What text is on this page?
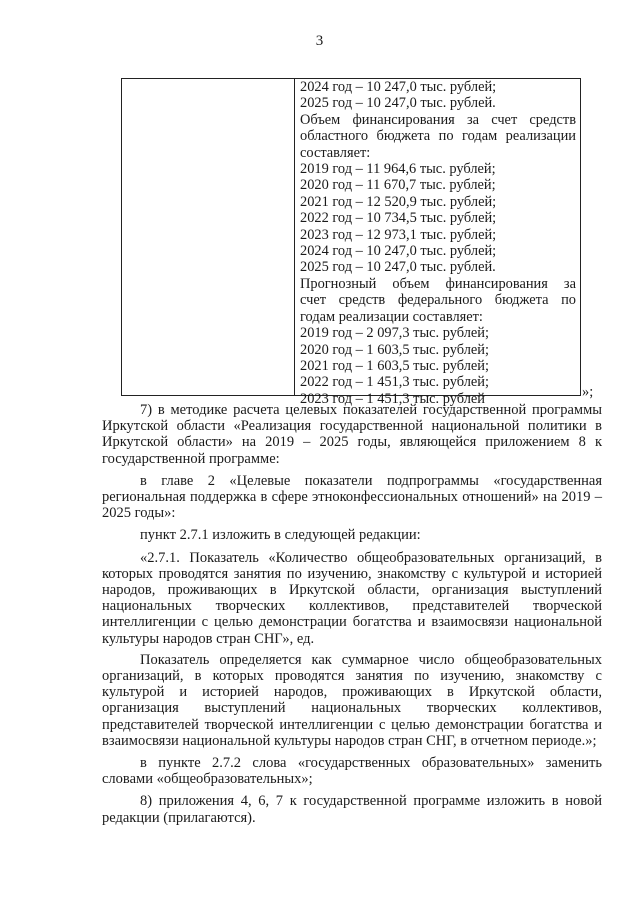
3
2024 год – 10 247,0 тыс. рублей;
2025 год – 10 247,0 тыс. рублей.
Объем финансирования за счет средств
областного бюджета по годам реализации
составляет:
2019 год – 11 964,6 тыс. рублей;
2020 год – 11 670,7 тыс. рублей;
2021 год – 12 520,9 тыс. рублей;
2022 год – 10 734,5 тыс. рублей;
2023 год – 12 973,1 тыс. рублей;
2024 год – 10 247,0 тыс. рублей;
2025 год – 10 247,0 тыс. рублей.
Прогнозный объем финансирования за
счет средств федерального бюджета по
годам реализации составляет:
2019 год – 2 097,3 тыс. рублей;
2020 год – 1 603,5 тыс. рублей;
2021 год – 1 603,5 тыс. рублей;
2022 год – 1 451,3 тыс. рублей;
2023 год – 1 451,3 тыс. рублей	»;

7) в методике расчета целевых показателей государственной программы Иркутской области «Реализация государственной национальной политики в Иркутской области» на 2019 – 2025 годы, являющейся приложением 8 к государственной программе:

в главе 2 «Целевые показатели подпрограммы «государственная региональная поддержка в сфере этноконфессиональных отношений» на 2019 – 2025 годы»:

пункт 2.7.1 изложить в следующей редакции:

«2.7.1. Показатель «Количество общеобразовательных организаций, в которых проводятся занятия по изучению, знакомству с культурой и историей народов, проживающих в Иркутской области, организация выступлений национальных творческих коллективов, представителей творческой интеллигенции с целью демонстрации богатства и взаимосвязи национальной культуры народов стран СНГ», ед.

Показатель определяется как суммарное число общеобразовательных организаций, в которых проводятся занятия по изучению, знакомству с культурой и историей народов, проживающих в Иркутской области, организация выступлений национальных творческих коллективов, представителей творческой интеллигенции с целью демонстрации богатства и взаимосвязи национальной культуры народов стран СНГ, в отчетном периоде.»;

в пункте 2.7.2 слова «государственных образовательных» заменить словами «общеобразовательных»;

8) приложения 4, 6, 7 к государственной программе изложить в новой редакции (прилагаются).
